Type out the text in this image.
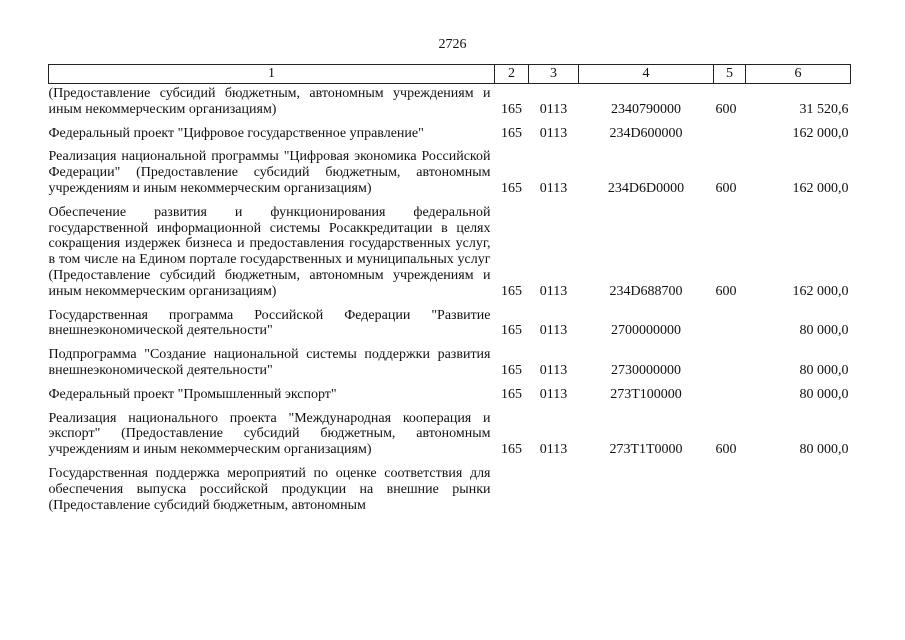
2726
1	2	3	4	5	6
(Предоставление субсидий бюджетным, автономным учреждениям и иным некоммерческим организациям)	165	0113	2340790000	600	31 520,6

Федеральный проект "Цифровое государственное управление"	165	0113	234D600000		162 000,0

Реализация национальной программы "Цифровая экономика Российской Федерации" (Предоставление субсидий бюджетным, автономным учреждениям и иным некоммерческим организациям)	165	0113	234D6D0000	600	162 000,0

Обеспечение развития и функционирования федеральной государственной информационной системы Росаккредитации в целях сокращения издержек бизнеса и предоставления государственных услуг, в том числе на Едином портале государственных и муниципальных услуг (Предоставление субсидий бюджетным, автономным учреждениям и иным некоммерческим организациям)	165	0113	234D688700	600	162 000,0

Государственная программа Российской Федерации "Развитие внешнеэкономической деятельности"	165	0113	2700000000		80 000,0

Подпрограмма "Создание национальной системы поддержки развития внешнеэкономической деятельности"	165	0113	2730000000		80 000,0

Федеральный проект "Промышленный экспорт"	165	0113	273T100000		80 000,0

Реализация национального проекта "Международная кооперация и экспорт" (Предоставление субсидий бюджетным, автономным учреждениям и иным некоммерческим организациям)	165	0113	273T1T0000	600	80 000,0

Государственная поддержка мероприятий по оценке соответствия для обеспечения выпуска российской продукции на внешние рынки (Предоставление субсидий бюджетным, автономным					
